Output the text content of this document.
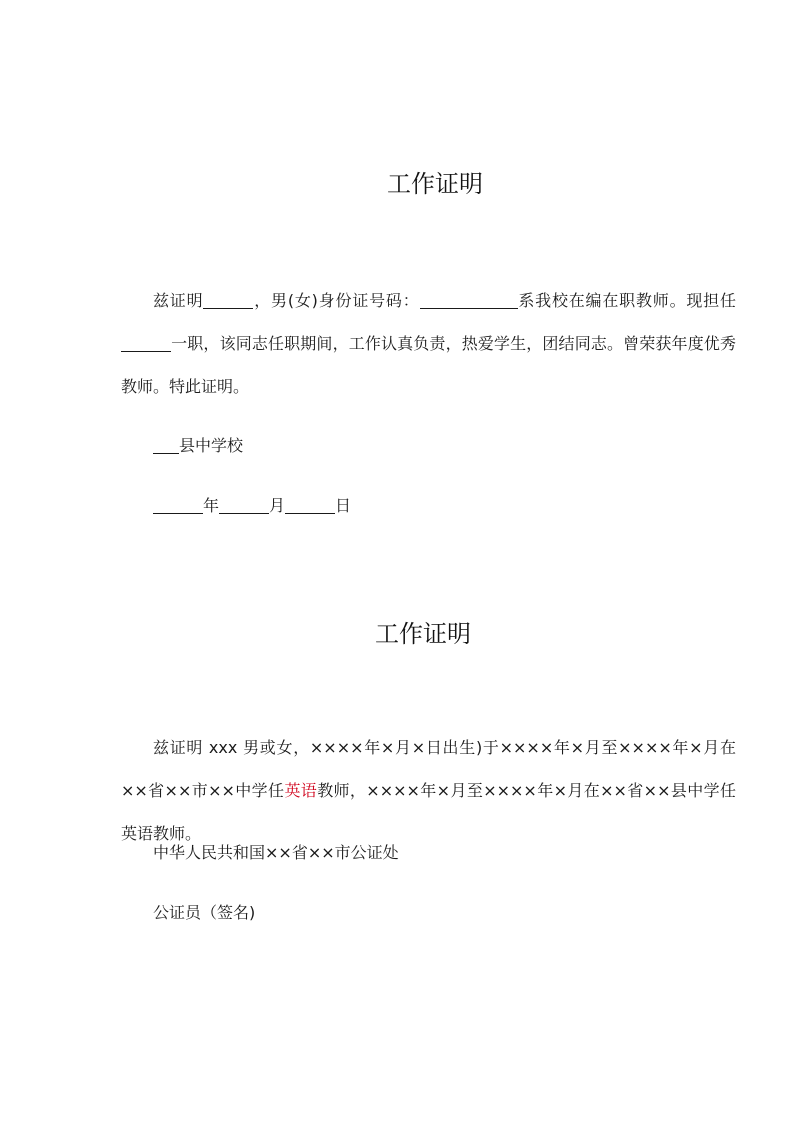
工作证明

兹证明	，男(女)身份证号码：	系我校在编在职教师。现担任一职，该同志任职期间，工作认真负责，热爱学生，团结同志。曾荣获年度优秀教师。特此证明。

县中学校
年	月	日
工作证明

兹证明 xxx 男或女，××××年×月×日出生)于××××年×月至××××年×月在××省××市××中学任英语教师，××××年×月至××××年×月在××省××县中学任英语教师。

中华人民共和国××省××市公证处
公证员（签名)
